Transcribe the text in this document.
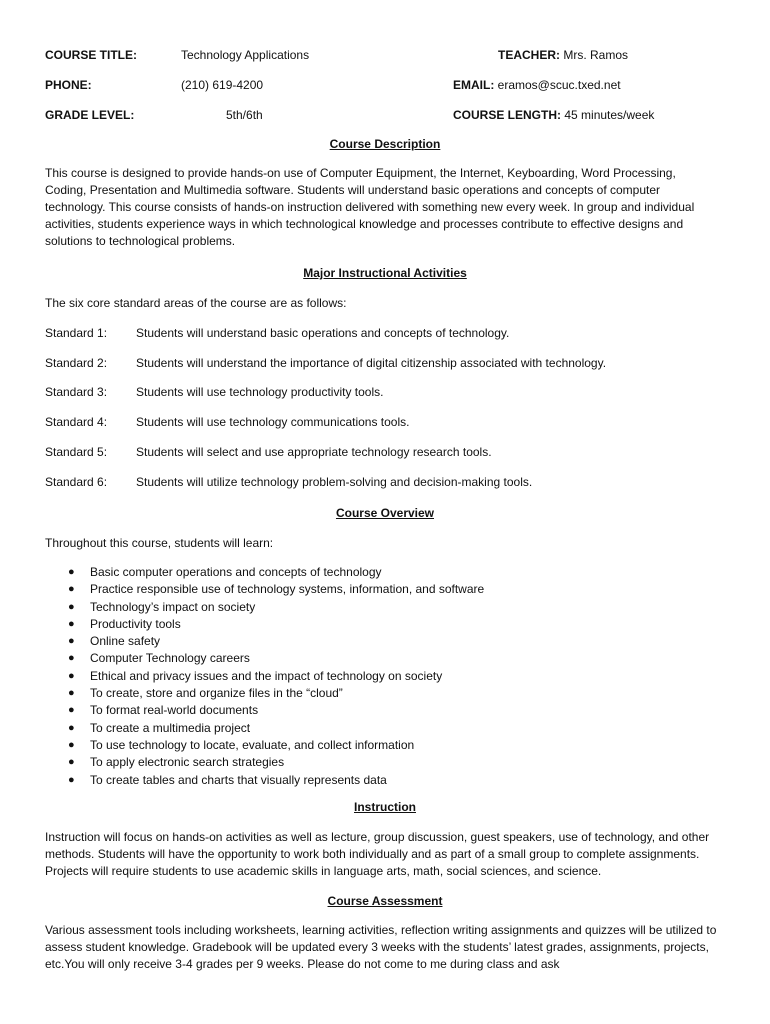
COURSE TITLE:	Technology Applications	TEACHER: Mrs. Ramos
PHONE:	(210) 619-4200	EMAIL: eramos@scuc.txed.net
GRADE LEVEL:	5th/6th	COURSE LENGTH: 45 minutes/week
Course Description
This course is designed to provide hands-on use of Computer Equipment, the Internet, Keyboarding, Word Processing, Coding, Presentation and Multimedia software. Students will understand basic operations and concepts of computer technology. This course consists of hands-on instruction delivered with something new every week. In group and individual activities, students experience ways in which technological knowledge and processes contribute to effective designs and solutions to technological problems.
Major Instructional Activities
The six core standard areas of the course are as follows:
Standard 1: Students will understand basic operations and concepts of technology.
Standard 2: Students will understand the importance of digital citizenship associated with technology.
Standard 3: Students will use technology productivity tools.
Standard 4: Students will use technology communications tools.
Standard 5: Students will select and use appropriate technology research tools.
Standard 6: Students will utilize technology problem-solving and decision-making tools.
Course Overview
Throughout this course, students will learn:
● Basic computer operations and concepts of technology
● Practice responsible use of technology systems, information, and software
● Technology’s impact on society
● Productivity tools
● Online safety
● Computer Technology careers
● Ethical and privacy issues and the impact of technology on society
● To create, store and organize files in the “cloud”
● To format real-world documents
● To create a multimedia project
● To use technology to locate, evaluate, and collect information
● To apply electronic search strategies
● To create tables and charts that visually represents data
Instruction
Instruction will focus on hands-on activities as well as lecture, group discussion, guest speakers, use of technology, and other methods. Students will have the opportunity to work both individually and as part of a small group to complete assignments. Projects will require students to use academic skills in language arts, math, social sciences, and science.
Course Assessment
Various assessment tools including worksheets, learning activities, reflection writing assignments and quizzes will be utilized to assess student knowledge. Gradebook will be updated every 3 weeks with the students’ latest grades, assignments, projects, etc.You will only receive 3-4 grades per 9 weeks. Please do not come to me during class and ask
